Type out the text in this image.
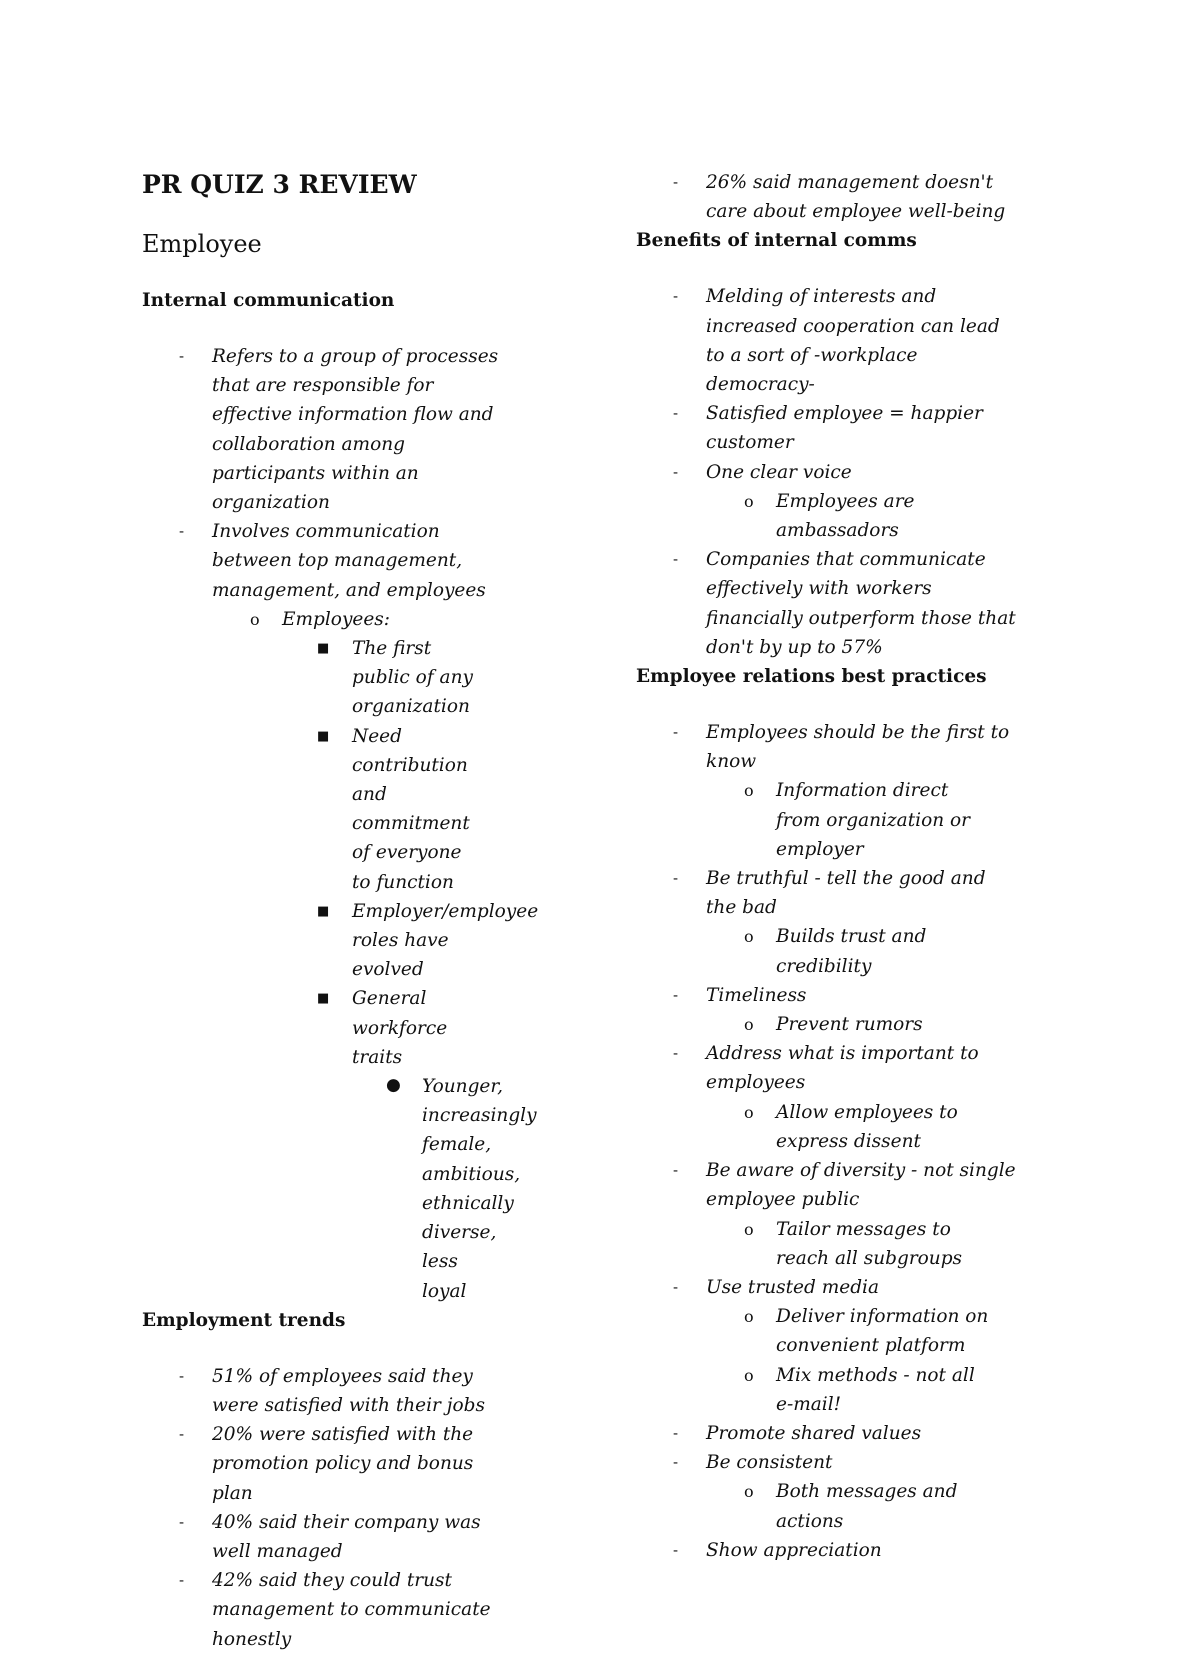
PR QUIZ 3 REVIEW
Employee
Internal communication
- Refers to a group of processes that are responsible for effective information flow and collaboration among participants within an organization
- Involves communication between top management, management, and employees
o Employees:
■ The first public of any organization
■ Need contribution and commitment of everyone to function
■ Employer/employee roles have evolved
■ General workforce traits
● Younger, increasingly female, ambitious, ethnically diverse, less loyal
Employment trends
- 51% of employees said they were satisfied with their jobs
- 20% were satisfied with the promotion policy and bonus plan
- 40% said their company was well managed
- 42% said they could trust management to communicate honestly
- 26% said management doesn't care about employee well-being
Benefits of internal comms
- Melding of interests and increased cooperation can lead to a sort of -workplace democracy-
- Satisfied employee = happier customer
- One clear voice
o Employees are ambassadors
- Companies that communicate effectively with workers financially outperform those that don't by up to 57%
Employee relations best practices
- Employees should be the first to know
o Information direct from organization or employer
- Be truthful - tell the good and the bad
o Builds trust and credibility
- Timeliness
o Prevent rumors
- Address what is important to employees
o Allow employees to express dissent
- Be aware of diversity - not single employee public
o Tailor messages to reach all subgroups
- Use trusted media
o Deliver information on convenient platform
o Mix methods - not all e-mail!
- Promote shared values
- Be consistent
o Both messages and actions
- Show appreciation
